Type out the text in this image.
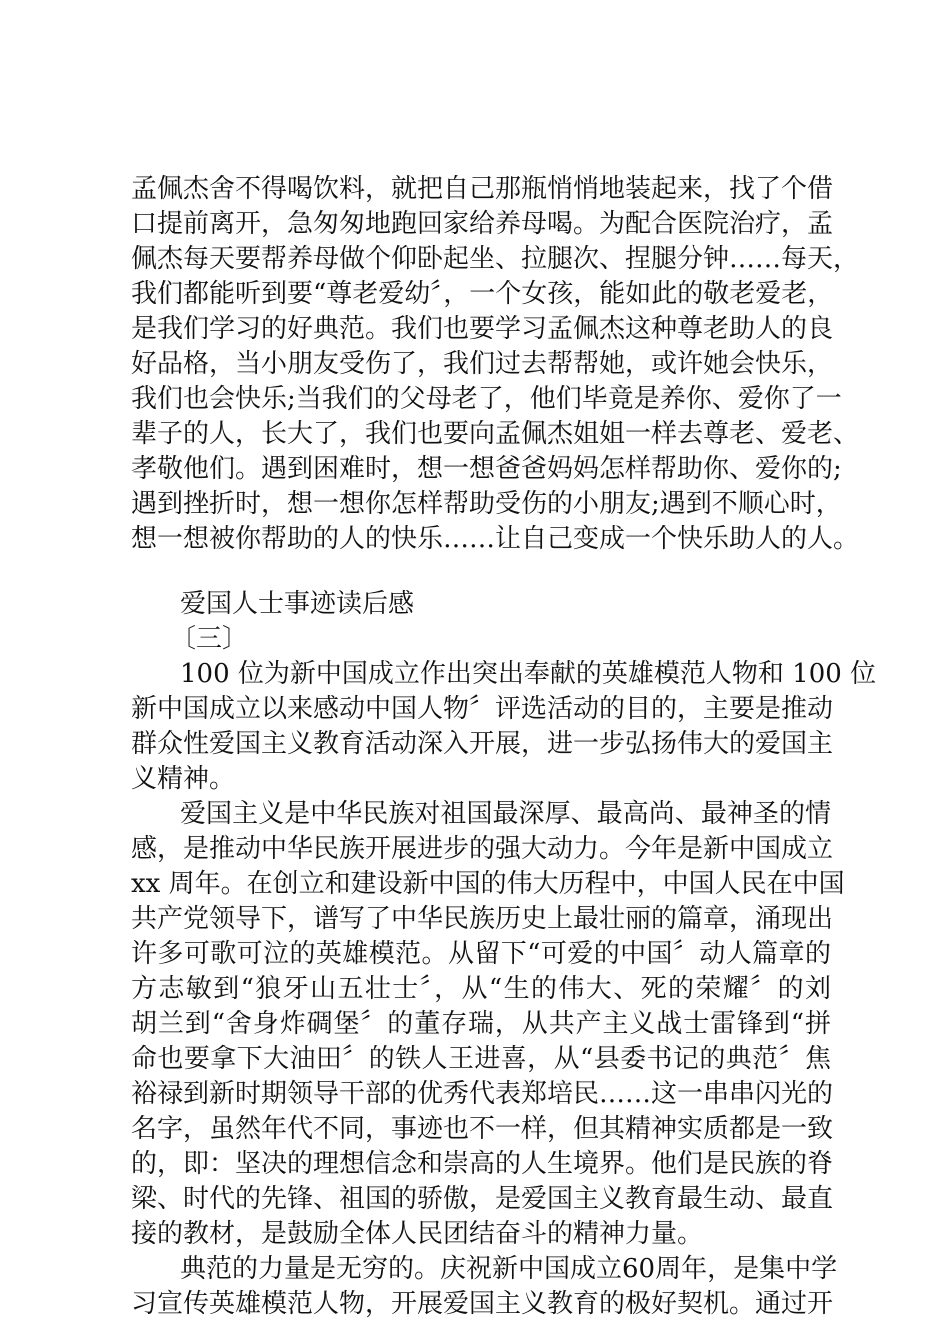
孟佩杰舍不得喝饮料，就把自己那瓶悄悄地装起来，找了个借
口提前离开，急匆匆地跑回家给养母喝。为配合医院治疗，孟
佩杰每天要帮养母做个仰卧起坐、拉腿次、捏腿分钟……每天，
我们都能听到要“尊老爱幼〞，一个女孩，能如此的敬老爱老，
是我们学习的好典范。我们也要学习孟佩杰这种尊老助人的良
好品格，当小朋友受伤了，我们过去帮帮她，或许她会快乐，
我们也会快乐;当我们的父母老了，他们毕竟是养你、爱你了一
辈子的人，长大了，我们也要向孟佩杰姐姐一样去尊老、爱老、
孝敬他们。遇到困难时，想一想爸爸妈妈怎样帮助你、爱你的;
遇到挫折时，想一想你怎样帮助受伤的小朋友;遇到不顺心时，
想一想被你帮助的人的快乐……让自己变成一个快乐助人的人。
爱国人士事迹读后感
〔三〕
100 位为新中国成立作出突出奉献的英雄模范人物和 100 位
新中国成立以来感动中国人物〞评选活动的目的，主要是推动
群众性爱国主义教育活动深入开展，进一步弘扬伟大的爱国主
义精神。
爱国主义是中华民族对祖国最深厚、最高尚、最神圣的情
感，是推动中华民族开展进步的强大动力。今年是新中国成立
xx 周年。在创立和建设新中国的伟大历程中，中国人民在中国
共产党领导下，谱写了中华民族历史上最壮丽的篇章，涌现出
许多可歌可泣的英雄模范。从留下“可爱的中国〞动人篇章的
方志敏到“狼牙山五壮士〞，从“生的伟大、死的荣耀〞的刘
胡兰到“舍身炸碉堡〞的董存瑞，从共产主义战士雷锋到“拼
命也要拿下大油田〞的铁人王进喜，从“县委书记的典范〞焦
裕禄到新时期领导干部的优秀代表郑培民……这一串串闪光的
名字，虽然年代不同，事迹也不一样，但其精神实质都是一致
的，即：坚决的理想信念和崇高的人生境界。他们是民族的脊
梁、时代的先锋、祖国的骄傲，是爱国主义教育最生动、最直
接的教材，是鼓励全体人民团结奋斗的精神力量。
典范的力量是无穷的。庆祝新中国成立60周年，是集中学
习宣传英雄模范人物，开展爱国主义教育的极好契机。通过开
